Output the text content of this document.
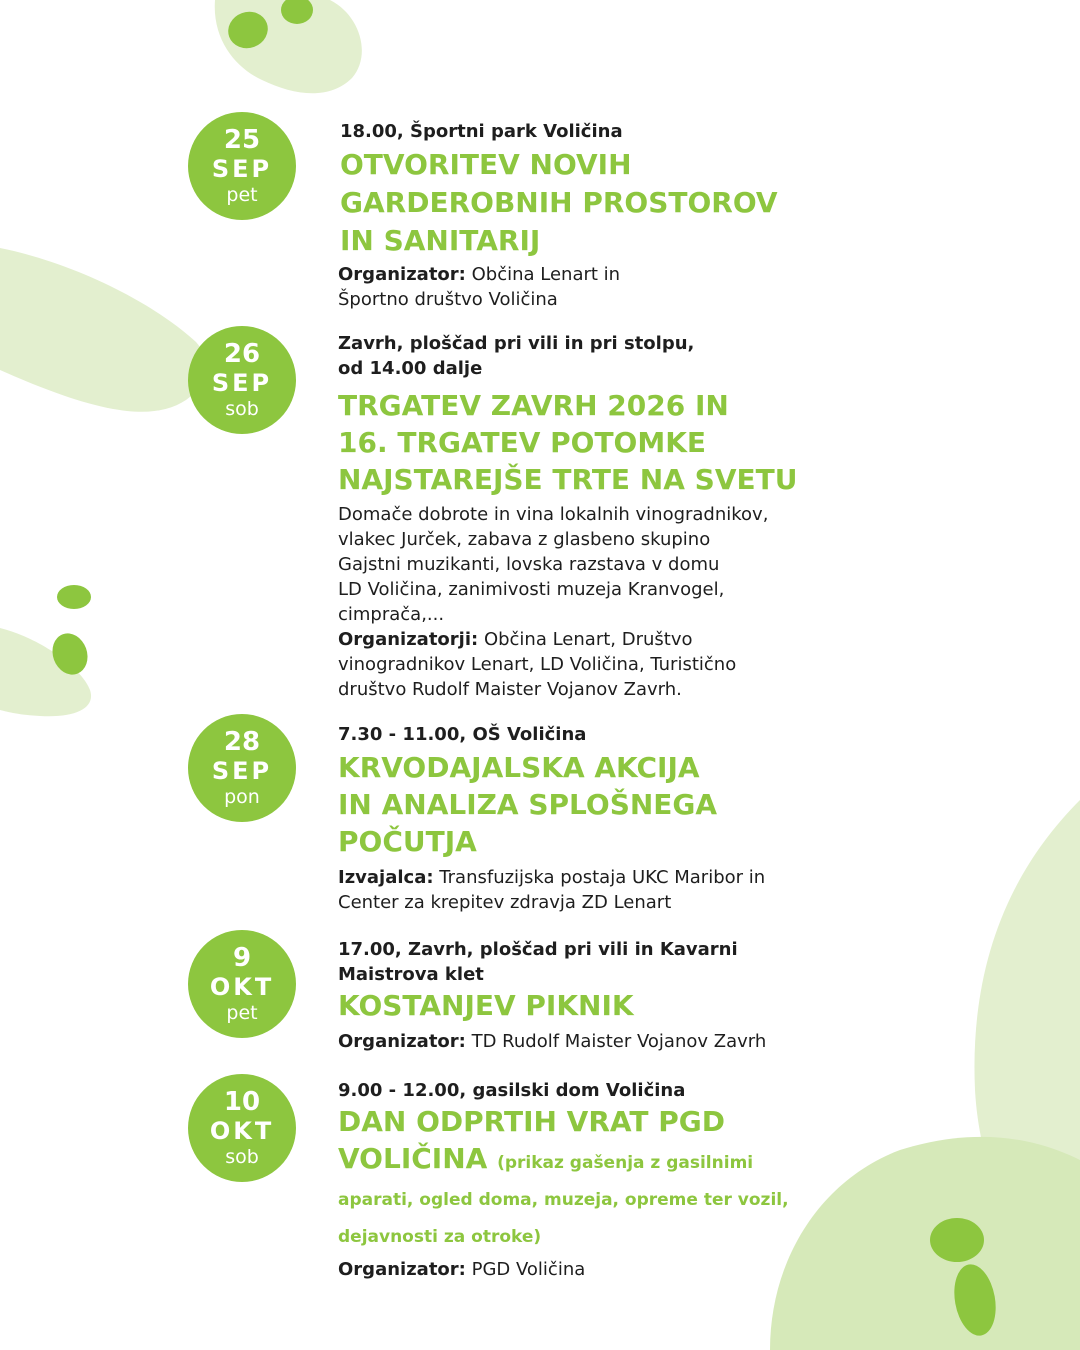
25
SEP
pet

18.00, Športni park Voličina

OTVORITEV NOVIH
GARDEROBNIH PROSTOROV
IN SANITARIJ

Organizator: Občina Lenart in
Športno društvo Voličina

26
SEP
sob

Zavrh, ploščad pri vili in pri stolpu,
od 14.00 dalje

TRGATEV ZAVRH 2026 IN
16. TRGATEV POTOMKE
NAJSTAREJŠE TRTE NA SVETU

Domače dobrote in vina lokalnih vinogradnikov,
vlakec Jurček, zabava z glasbeno skupino
Gajstni muzikanti, lovska razstava v domu
LD Voličina, zanimivosti muzeja Kranvogel,
cimprača,...

Organizatorji: Občina Lenart, Društvo
vinogradnikov Lenart, LD Voličina, Turistično
društvo Rudolf Maister Vojanov Zavrh.

28
SEP
pon

7.30 - 11.00, OŠ Voličina

KRVODAJALSKA AKCIJA
IN ANALIZA SPLOŠNEGA
POČUTJA

Izvajalca: Transfuzijska postaja UKC Maribor in
Center za krepitev zdravja ZD Lenart

9
OKT
pet

17.00, Zavrh, ploščad pri vili in Kavarni
Maistrova klet

KOSTANJEV PIKNIK

Organizator: TD Rudolf Maister Vojanov Zavrh

10
OKT
sob

9.00 - 12.00, gasilski dom Voličina

DAN ODPRTIH VRAT PGD
VOLIČINA (prikaz gašenja z gasilnimi aparati, ogled doma, muzeja, opreme ter vozil, dejavnosti za otroke)

Organizator: PGD Voličina
